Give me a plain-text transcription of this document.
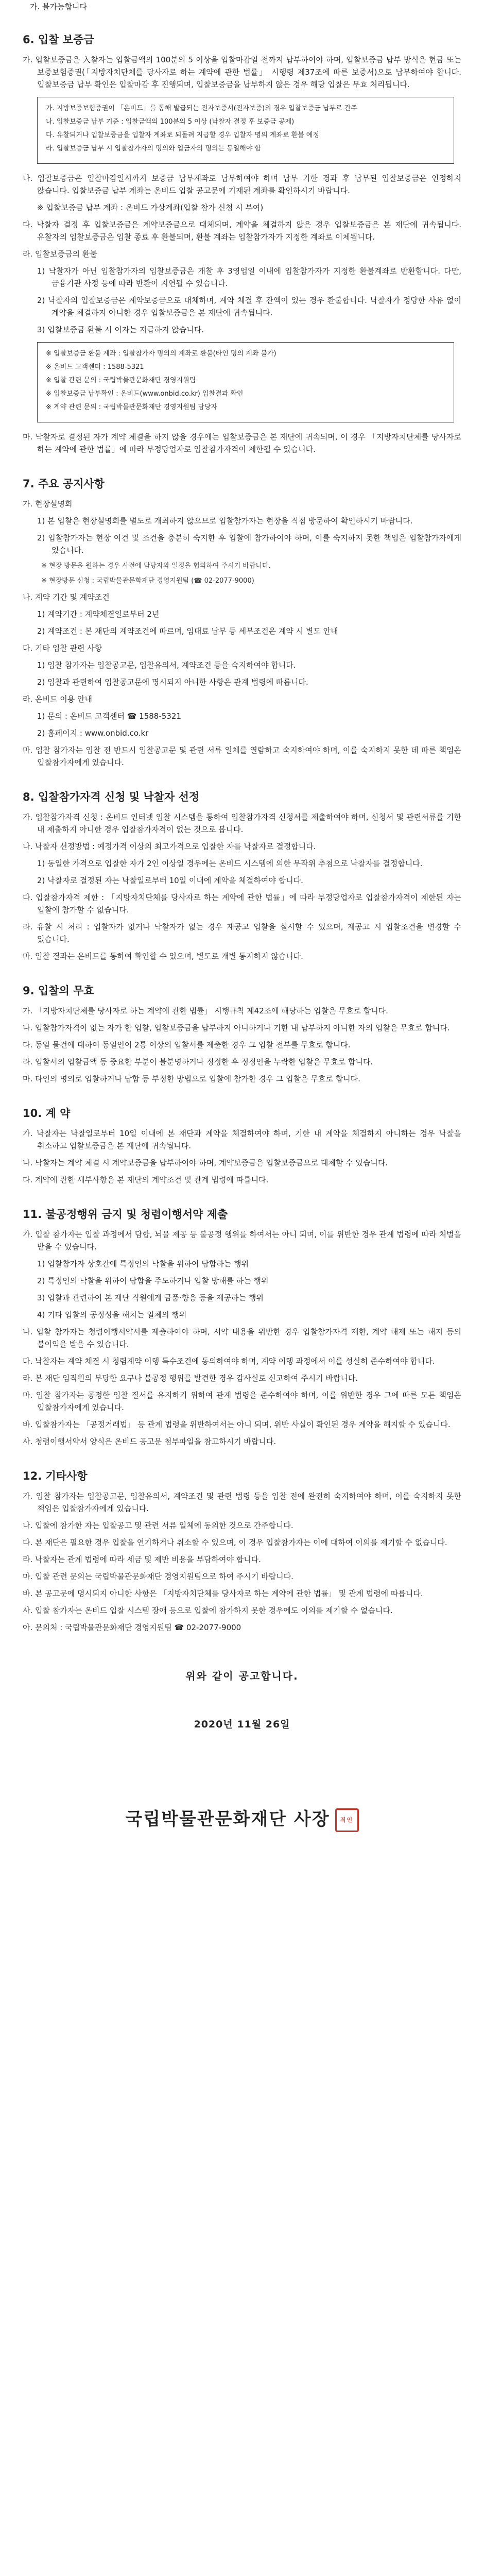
가. 불가능합니다

6. 입찰 보증금

가. 입찰보증금은 入찰자는 입찰금액의 100분의 5 이상을 입찰마감일 전까지 납부하여야 하며, 입찰보증금 납부 방식은 현금 또는 보증보험증권(「지방자치단체를 당사자로 하는 계약에 관한 법률」 시행령 제37조에 따른 보증서)으로 납부하여야 합니다. 입찰보증금 납부 확인은 입찰마감 후 진행되며, 입찰보증금을 납부하지 않은 경우 해당 입찰은 무효 처리됩니다.

가. 지방보증보험증권이 「온비드」를 통해 발급되는 전자보증서(전자보증)의 경우 입찰보증금 납부로 간주

나. 입찰보증금 납부 기준 : 입찰금액의 100분의 5 이상 (낙찰자 결정 후 보증금 공제)

다. 유찰되거나 입찰보증금을 입찰자 계좌로 되돌려 지급할 경우 입찰자 명의 계좌로 환불 예정

라. 입찰보증금 납부 시 입찰참가자의 명의와 입금자의 명의는 동일해야 함

나. 입찰보증금은 입찰마감일시까지 보증금 납부계좌로 납부하여야 하며 납부 기한 경과 후 납부된 입찰보증금은 인정하지 않습니다. 입찰보증금 납부 계좌는 온비드 입찰 공고문에 기재된 계좌를 확인하시기 바랍니다.

※ 입찰보증금 납부 계좌 : 온비드 가상계좌(입찰 참가 신청 시 부여)

다. 낙찰자 결정 후 입찰보증금은 계약보증금으로 대체되며, 계약을 체결하지 않은 경우 입찰보증금은 본 재단에 귀속됩니다. 유찰자의 입찰보증금은 입찰 종료 후 환불되며, 환불 계좌는 입찰참가자가 지정한 계좌로 이체됩니다.

라. 입찰보증금의 환불

1) 낙찰자가 아닌 입찰참가자의 입찰보증금은 개찰 후 3영업일 이내에 입찰참가자가 지정한 환불계좌로 반환합니다. 다만, 금융기관 사정 등에 따라 반환이 지연될 수 있습니다.

2) 낙찰자의 입찰보증금은 계약보증금으로 대체하며, 계약 체결 후 잔액이 있는 경우 환불합니다. 낙찰자가 정당한 사유 없이 계약을 체결하지 아니한 경우 입찰보증금은 본 재단에 귀속됩니다.

3) 입찰보증금 환불 시 이자는 지급하지 않습니다.

※ 입찰보증금 환불 계좌 : 입찰참가자 명의의 계좌로 환불(타인 명의 계좌 불가)

※ 온비드 고객센터 : 1588-5321

※ 입찰 관련 문의 : 국립박물관문화재단 경영지원팀

※ 입찰보증금 납부확인 : 온비드(www.onbid.co.kr) 입찰결과 확인

※ 계약 관련 문의 : 국립박물관문화재단 경영지원팀 담당자

마. 낙찰자로 결정된 자가 계약 체결을 하지 않을 경우에는 입찰보증금은 본 재단에 귀속되며, 이 경우 「지방자치단체를 당사자로 하는 계약에 관한 법률」에 따라 부정당업자로 입찰참가자격이 제한될 수 있습니다.

7. 주요 공지사항

가. 현장설명회

1) 본 입찰은 현장설명회를 별도로 개최하지 않으므로 입찰참가자는 현장을 직접 방문하여 확인하시기 바랍니다.

2) 입찰참가자는 현장 여건 및 조건을 충분히 숙지한 후 입찰에 참가하여야 하며, 이를 숙지하지 못한 책임은 입찰참가자에게 있습니다.

※ 현장 방문을 원하는 경우 사전에 담당자와 일정을 협의하여 주시기 바랍니다.

※ 현장방문 신청 : 국립박물관문화재단 경영지원팀 (☎ 02-2077-9000)

나. 계약 기간 및 계약조건

1) 계약기간 : 계약체결일로부터 2년

2) 계약조건 : 본 재단의 계약조건에 따르며, 임대료 납부 등 세부조건은 계약 시 별도 안내

다. 기타 입찰 관련 사항

1) 입찰 참가자는 입찰공고문, 입찰유의서, 계약조건 등을 숙지하여야 합니다.

2) 입찰과 관련하여 입찰공고문에 명시되지 아니한 사항은 관계 법령에 따릅니다.

라. 온비드 이용 안내

1) 문의 : 온비드 고객센터 ☎ 1588-5321

2) 홈페이지 : www.onbid.co.kr

마. 입찰 참가자는 입찰 전 반드시 입찰공고문 및 관련 서류 일체를 열람하고 숙지하여야 하며, 이를 숙지하지 못한 데 따른 책임은 입찰참가자에게 있습니다.

8. 입찰참가자격 신청 및 낙찰자 선정

가. 입찰참가자격 신청 : 온비드 인터넷 입찰 시스템을 통하여 입찰참가자격 신청서를 제출하여야 하며, 신청서 및 관련서류를 기한 내 제출하지 아니한 경우 입찰참가자격이 없는 것으로 봅니다.

나. 낙찰자 선정방법 : 예정가격 이상의 최고가격으로 입찰한 자를 낙찰자로 결정합니다.

1) 동일한 가격으로 입찰한 자가 2인 이상일 경우에는 온비드 시스템에 의한 무작위 추첨으로 낙찰자를 결정합니다.

2) 낙찰자로 결정된 자는 낙찰일로부터 10일 이내에 계약을 체결하여야 합니다.

다. 입찰참가자격 제한 : 「지방자치단체를 당사자로 하는 계약에 관한 법률」에 따라 부정당업자로 입찰참가자격이 제한된 자는 입찰에 참가할 수 없습니다.

라. 유찰 시 처리 : 입찰자가 없거나 낙찰자가 없는 경우 재공고 입찰을 실시할 수 있으며, 재공고 시 입찰조건을 변경할 수 있습니다.

마. 입찰 결과는 온비드를 통하여 확인할 수 있으며, 별도로 개별 통지하지 않습니다.

9. 입찰의 무효

가. 「지방자치단체를 당사자로 하는 계약에 관한 법률」 시행규칙 제42조에 해당하는 입찰은 무효로 합니다.

나. 입찰참가자격이 없는 자가 한 입찰, 입찰보증금을 납부하지 아니하거나 기한 내 납부하지 아니한 자의 입찰은 무효로 합니다.

다. 동일 물건에 대하여 동일인이 2통 이상의 입찰서를 제출한 경우 그 입찰 전부를 무효로 합니다.

라. 입찰서의 입찰금액 등 중요한 부분이 불분명하거나 정정한 후 정정인을 누락한 입찰은 무효로 합니다.

마. 타인의 명의로 입찰하거나 담합 등 부정한 방법으로 입찰에 참가한 경우 그 입찰은 무효로 합니다.

10. 계 약

가. 낙찰자는 낙찰일로부터 10일 이내에 본 재단과 계약을 체결하여야 하며, 기한 내 계약을 체결하지 아니하는 경우 낙찰을 취소하고 입찰보증금은 본 재단에 귀속됩니다.

나. 낙찰자는 계약 체결 시 계약보증금을 납부하여야 하며, 계약보증금은 입찰보증금으로 대체할 수 있습니다.

다. 계약에 관한 세부사항은 본 재단의 계약조건 및 관계 법령에 따릅니다.

11. 불공정행위 금지 및 청렴이행서약 제출

가. 입찰 참가자는 입찰 과정에서 담합, 뇌물 제공 등 불공정 행위를 하여서는 아니 되며, 이를 위반한 경우 관계 법령에 따라 처벌을 받을 수 있습니다.

1) 입찰참가자 상호간에 특정인의 낙찰을 위하여 담합하는 행위

2) 특정인의 낙찰을 위하여 담합을 주도하거나 입찰 방해를 하는 행위

3) 입찰과 관련하여 본 재단 직원에게 금품·향응 등을 제공하는 행위

4) 기타 입찰의 공정성을 해치는 일체의 행위

나. 입찰 참가자는 청렴이행서약서를 제출하여야 하며, 서약 내용을 위반한 경우 입찰참가자격 제한, 계약 해제 또는 해지 등의 불이익을 받을 수 있습니다.

다. 낙찰자는 계약 체결 시 청렴계약 이행 특수조건에 동의하여야 하며, 계약 이행 과정에서 이를 성실히 준수하여야 합니다.

라. 본 재단 임직원의 부당한 요구나 불공정 행위를 발견한 경우 감사실로 신고하여 주시기 바랍니다.

마. 입찰 참가자는 공정한 입찰 질서를 유지하기 위하여 관계 법령을 준수하여야 하며, 이를 위반한 경우 그에 따른 모든 책임은 입찰참가자에게 있습니다.

바. 입찰참가자는 「공정거래법」 등 관계 법령을 위반하여서는 아니 되며, 위반 사실이 확인된 경우 계약을 해지할 수 있습니다.

사. 청렴이행서약서 양식은 온비드 공고문 첨부파일을 참고하시기 바랍니다.

12. 기타사항

가. 입찰 참가자는 입찰공고문, 입찰유의서, 계약조건 및 관련 법령 등을 입찰 전에 완전히 숙지하여야 하며, 이를 숙지하지 못한 책임은 입찰참가자에게 있습니다.

나. 입찰에 참가한 자는 입찰공고 및 관련 서류 일체에 동의한 것으로 간주합니다.

다. 본 재단은 필요한 경우 입찰을 연기하거나 취소할 수 있으며, 이 경우 입찰참가자는 이에 대하여 이의를 제기할 수 없습니다.

라. 낙찰자는 관계 법령에 따라 세금 및 제반 비용을 부담하여야 합니다.

마. 입찰 관련 문의는 국립박물관문화재단 경영지원팀으로 하여 주시기 바랍니다.

바. 본 공고문에 명시되지 아니한 사항은 「지방자치단체를 당사자로 하는 계약에 관한 법률」 및 관계 법령에 따릅니다.

사. 입찰 참가자는 온비드 입찰 시스템 장애 등으로 입찰에 참가하지 못한 경우에도 이의를 제기할 수 없습니다.

아. 문의처 : 국립박물관문화재단 경영지원팀 ☎ 02-2077-9000

위와 같이 공고합니다.

2020년 11월 26일

국립박물관문화재단 사장 직인
